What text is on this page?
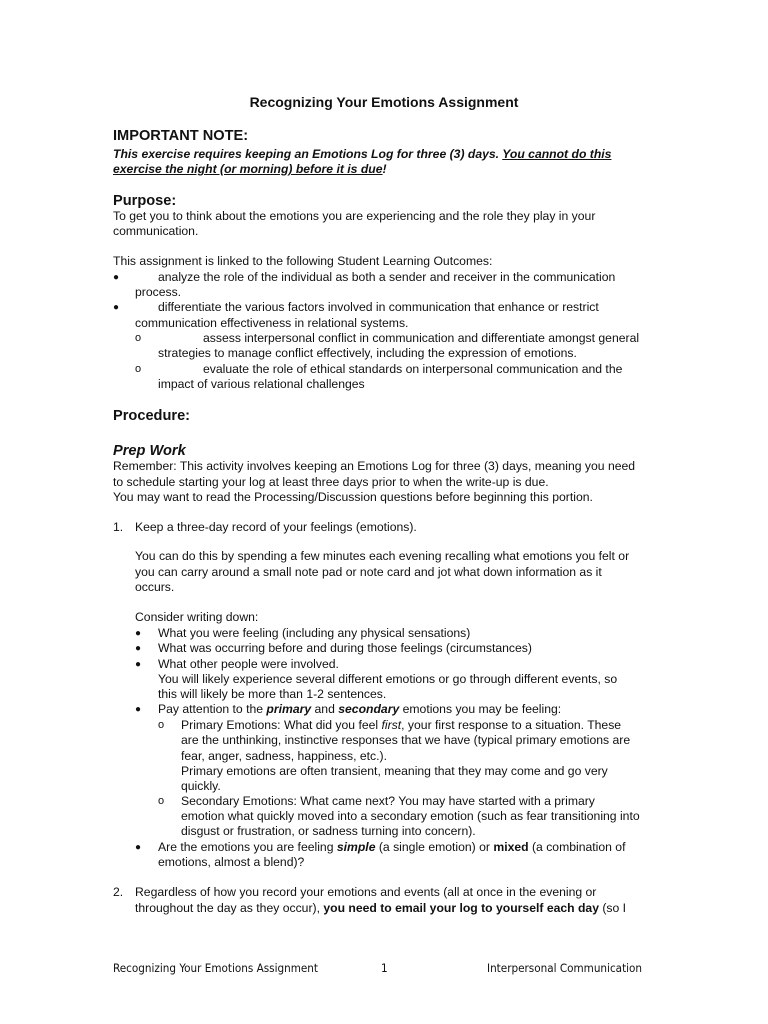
Recognizing Your Emotions Assignment
IMPORTANT NOTE:
This exercise requires keeping an Emotions Log for three (3) days. You cannot do this
exercise the night (or morning) before it is due!
Purpose:
To get you to think about the emotions you are experiencing and the role they play in your
communication.
This assignment is linked to the following Student Learning Outcomes:
●	analyze the role of the individual as both a sender and receiver in the communication
process.
●	differentiate the various factors involved in communication that enhance or restrict
communication effectiveness in relational systems.
o	assess interpersonal conflict in communication and differentiate amongst general
strategies to manage conflict effectively, including the expression of emotions.
o	evaluate the role of ethical standards on interpersonal communication and the
impact of various relational challenges
Procedure:
Prep Work
Remember: This activity involves keeping an Emotions Log for three (3) days, meaning you need
to schedule starting your log at least three days prior to when the write-up is due.
You may want to read the Processing/Discussion questions before beginning this portion.
1. Keep a three-day record of your feelings (emotions).
You can do this by spending a few minutes each evening recalling what emotions you felt or
you can carry around a small note pad or note card and jot what down information as it
occurs.
Consider writing down:
● What you were feeling (including any physical sensations)
● What was occurring before and during those feelings (circumstances)
● What other people were involved.
You will likely experience several different emotions or go through different events, so
this will likely be more than 1-2 sentences.
● Pay attention to the primary and secondary emotions you may be feeling:
o Primary Emotions: What did you feel first, your first response to a situation. These
are the unthinking, instinctive responses that we have (typical primary emotions are
fear, anger, sadness, happiness, etc.).
Primary emotions are often transient, meaning that they may come and go very
quickly.
o Secondary Emotions: What came next? You may have started with a primary
emotion what quickly moved into a secondary emotion (such as fear transitioning into
disgust or frustration, or sadness turning into concern).
● Are the emotions you are feeling simple (a single emotion) or mixed (a combination of
emotions, almost a blend)?
2. Regardless of how you record your emotions and events (all at once in the evening or
throughout the day as they occur), you need to email your log to yourself each day (so I
Recognizing Your Emotions Assignment	1	Interpersonal Communication
